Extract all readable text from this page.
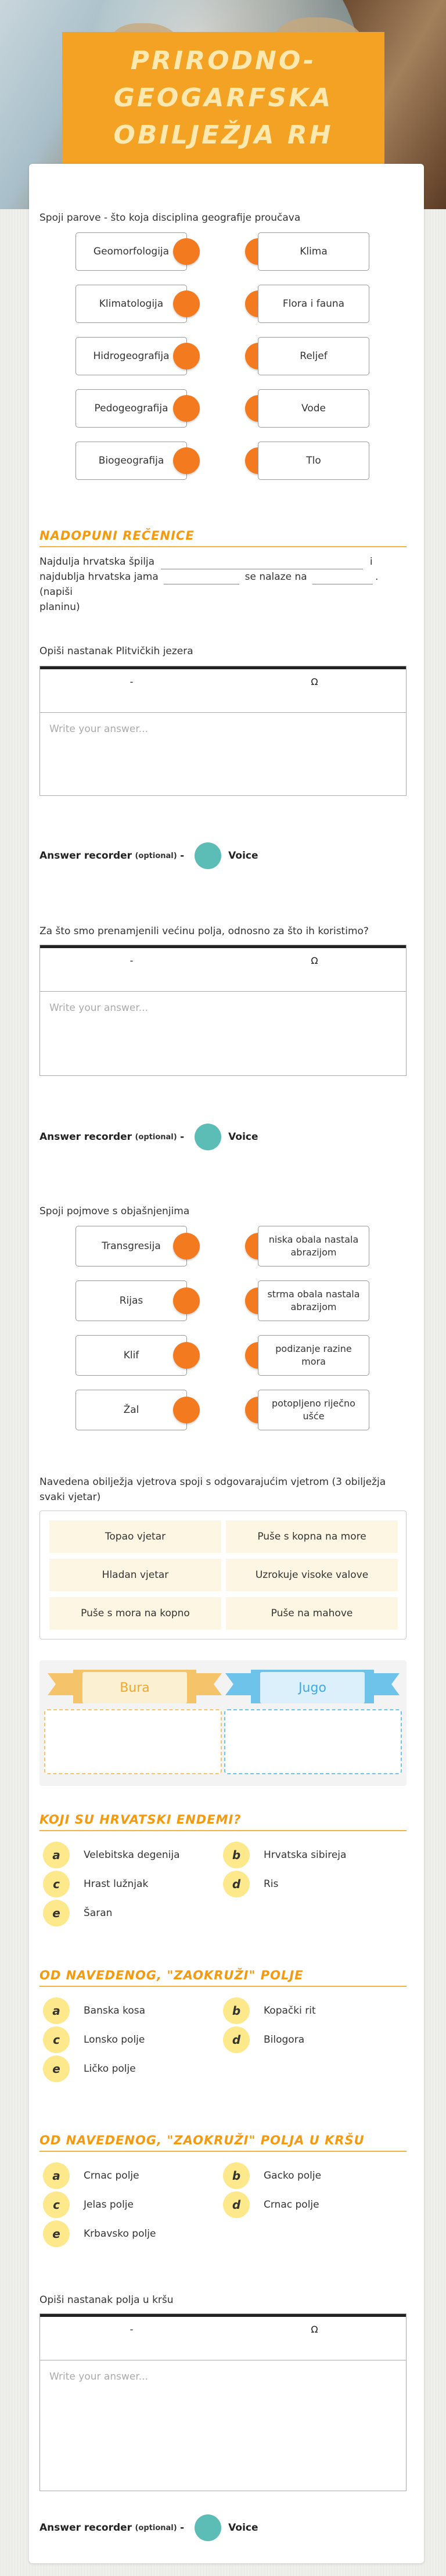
PRIRODNO-GEOGARFSKA OBILJEŽJA RH
Spoji parove - što koja disciplina geografije proučava
Geomorfologija	Klima
Klimatologija	Flora i fauna
Hidrogeografija	Reljef
Pedogeografija	Vode
Biogeografija	Tlo
NADOPUNI REČENICE
Najdulja hrvatska špilja	i
najdublja hrvatska jama	se nalaze na	. (napiši
planinu)
Opiši nastanak Plitvičkih jezera
-	Ω
Write your answer...
Answer recorder
(optional)
-	Voice
Za što smo prenamjenili većinu polja, odnosno za što ih koristimo?
-	Ω
Write your answer...
Answer recorder
(optional)
-	Voice
Spoji pojmove s objašnjenjima
Transgresija
niska obala nastala abrazijom
Rijas
strma obala nastala abrazijom
Klif
podizanje razine mora
Žal
potopljeno riječno ušće
Navedena obilježja vjetrova spoji s odgovarajućim vjetrom (3 obilježja svaki vjetar)
Topao vjetar	Puše s kopna na more
Hladan vjetar	Uzrokuje visoke valove
Puše s mora na kopno	Puše na mahove
Bura	Jugo
KOJI SU HRVATSKI ENDEMI?
a	Velebitska degenija	b	Hrvatska sibireja
c	Hrast lužnjak	d	Ris
e	Šaran
OD NAVEDENOG, "ZAOKRUŽI" POLJE
a	Banska kosa	b	Kopački rit
c	Lonsko polje	d	Bilogora
e	Ličko polje
OD NAVEDENOG, "ZAOKRUŽI" POLJA U KRŠU
a	Crnac polje	b	Gacko polje
c	Jelas polje	d	Crnac polje
e	Krbavsko polje
Opiši nastanak polja u kršu
-	Ω
Write your answer...
Answer recorder
(optional)
-	Voice
